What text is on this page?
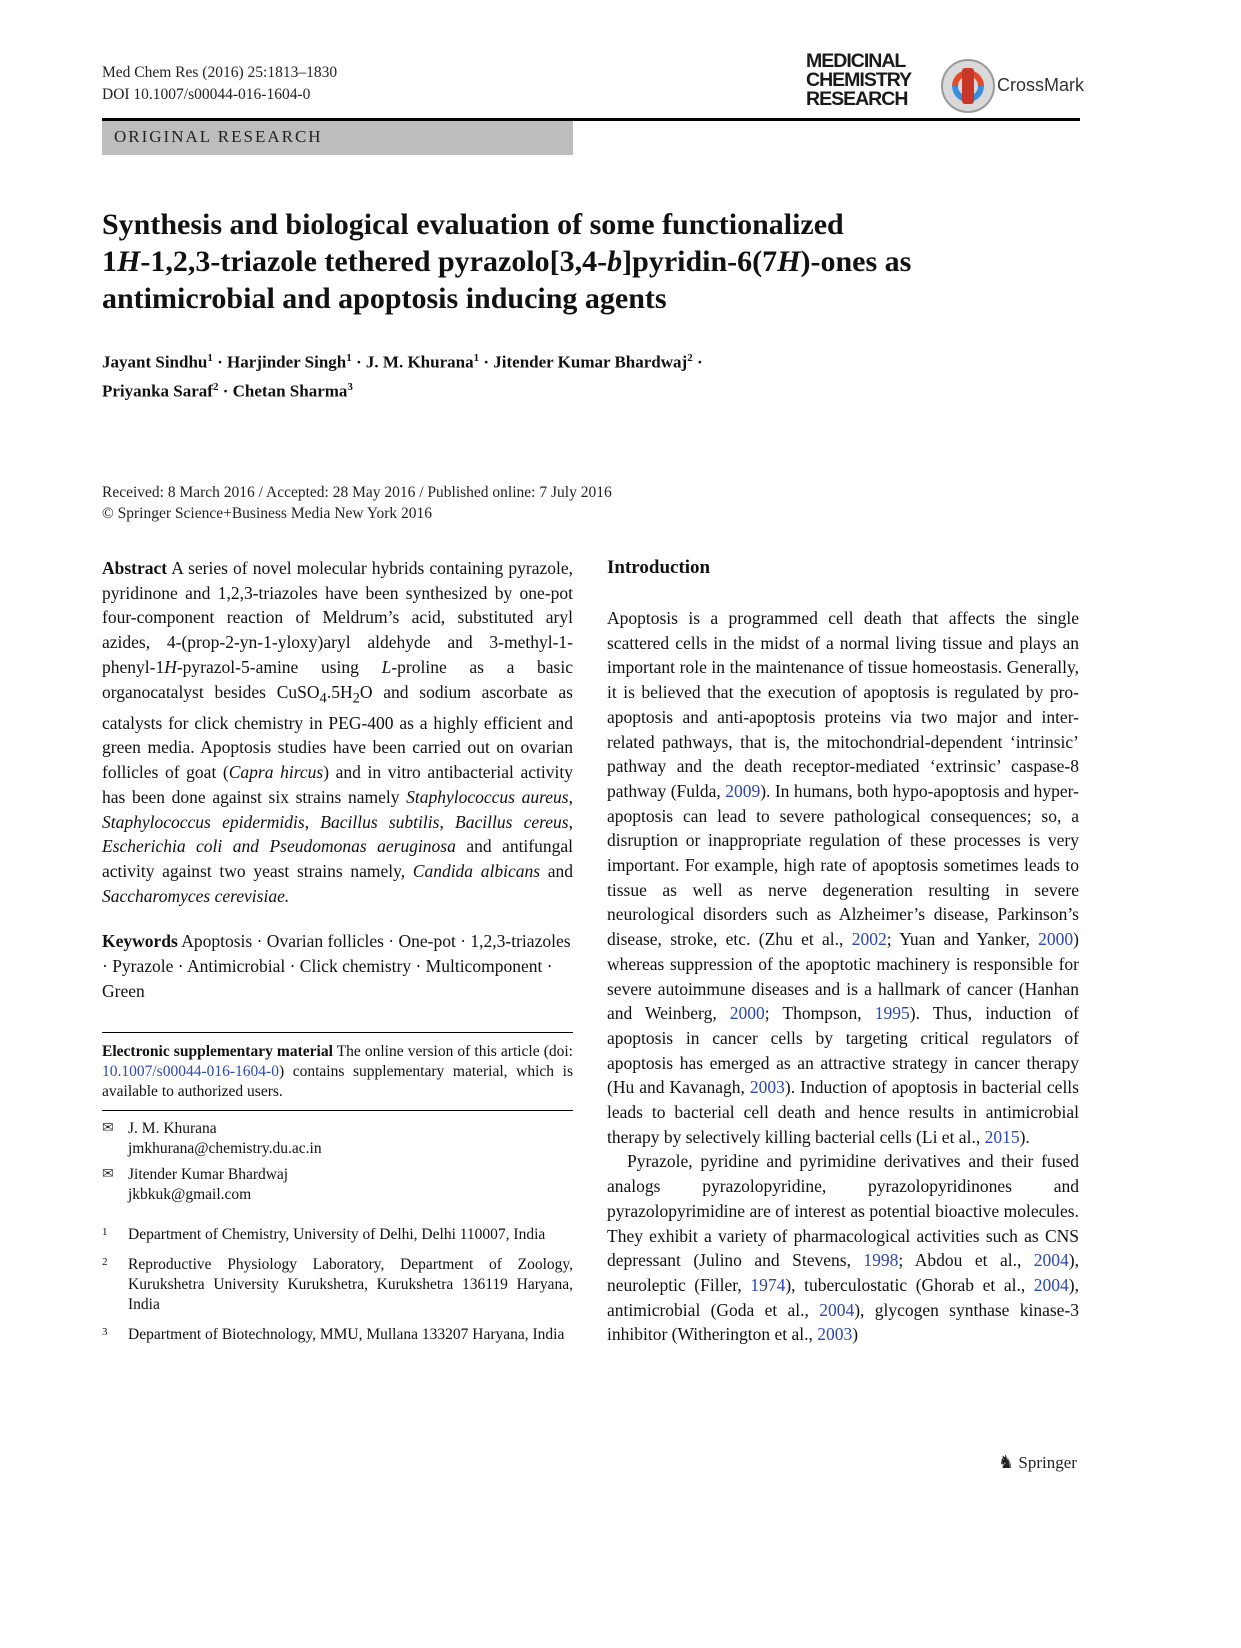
Med Chem Res (2016) 25:1813–1830
DOI 10.1007/s00044-016-1604-0
MEDICINAL
CHEMISTRY
RESEARCH
CrossMark
ORIGINAL RESEARCH
Synthesis and biological evaluation of some functionalized
1H-1,2,3-triazole tethered pyrazolo[3,4-b]pyridin-6(7H)-ones as
antimicrobial and apoptosis inducing agents
Jayant Sindhu$^1$ · Harjinder Singh$^1$ · J. M. Khurana$^1$ · Jitender Kumar Bhardwaj$^2$ ·
Priyanka Saraf$^2$ · Chetan Sharma$^3$
Received: 8 March 2016 / Accepted: 28 May 2016 / Published online: 7 July 2016
© Springer Science+Business Media New York 2016

Abstract A series of novel molecular hybrids containing pyrazole, pyridinone and 1,2,3-triazoles have been synthesized by one-pot four-component reaction of Meldrum’s acid, substituted aryl azides, 4-(prop-2-yn-1-yloxy)aryl aldehyde and 3-methyl-1-phenyl-1H-pyrazol-5-amine using L-proline as a basic organocatalyst besides $CuSO_4.5H_2O$ and sodium ascorbate as catalysts for click chemistry in PEG-400 as a highly efficient and green media. Apoptosis studies have been carried out on ovarian follicles of goat (Capra hircus) and in vitro antibacterial activity has been done against six strains namely Staphylococcus aureus, Staphylococcus epidermidis, Bacillus subtilis, Bacillus cereus, Escherichia coli and Pseudomonas aeruginosa and antifungal activity against two yeast strains namely, Candida albicans and Saccharomyces cerevisiae.

Keywords Apoptosis · Ovarian follicles · One-pot · 1,2,3-triazoles · Pyrazole · Antimicrobial · Click chemistry · Multicomponent · Green

Electronic supplementary material The online version of this article (doi: 10.1007/s00044-016-1604-0) contains supplementary material, which is available to authorized users.

✉ J. M. Khurana
jmkhurana@chemistry.du.ac.in
✉ Jitender Kumar Bhardwaj
jkbkuk@gmail.com
1	Department of Chemistry, University of Delhi, Delhi 110007, India
2	Reproductive Physiology Laboratory, Department of Zoology, Kurukshetra University Kurukshetra, Kurukshetra 136119 Haryana, India
3	Department of Biotechnology, MMU, Mullana 133207 Haryana, India
Introduction

Apoptosis is a programmed cell death that affects the single scattered cells in the midst of a normal living tissue and plays an important role in the maintenance of tissue homeostasis. Generally, it is believed that the execution of apoptosis is regulated by pro-apoptosis and anti-apoptosis proteins via two major and inter-related pathways, that is, the mitochondrial-dependent ‘intrinsic’ pathway and the death receptor-mediated ‘extrinsic’ caspase-8 pathway (Fulda, 2009). In humans, both hypo-apoptosis and hyper-apoptosis can lead to severe pathological consequences; so, a disruption or inappropriate regulation of these processes is very important. For example, high rate of apoptosis sometimes leads to tissue as well as nerve degeneration resulting in severe neurological disorders such as Alzheimer’s disease, Parkinson’s disease, stroke, etc. (Zhu et al., 2002; Yuan and Yanker, 2000) whereas suppression of the apoptotic machinery is responsible for severe autoimmune diseases and is a hallmark of cancer (Hanhan and Weinberg, 2000; Thompson, 1995). Thus, induction of apoptosis in cancer cells by targeting critical regulators of apoptosis has emerged as an attractive strategy in cancer therapy (Hu and Kavanagh, 2003). Induction of apoptosis in bacterial cells leads to bacterial cell death and hence results in antimicrobial therapy by selectively killing bacterial cells (Li et al., 2015).

Pyrazole, pyridine and pyrimidine derivatives and their fused analogs pyrazolopyridine, pyrazolopyridinones and pyrazolopyrimidine are of interest as potential bioactive molecules. They exhibit a variety of pharmacological activities such as CNS depressant (Julino and Stevens, 1998; Abdou et al., 2004), neuroleptic (Filler, 1974), tuberculostatic (Ghorab et al., 2004), antimicrobial (Goda et al., 2004), glycogen synthase kinase-3 inhibitor (Witherington et al., 2003)

♞ Springer
